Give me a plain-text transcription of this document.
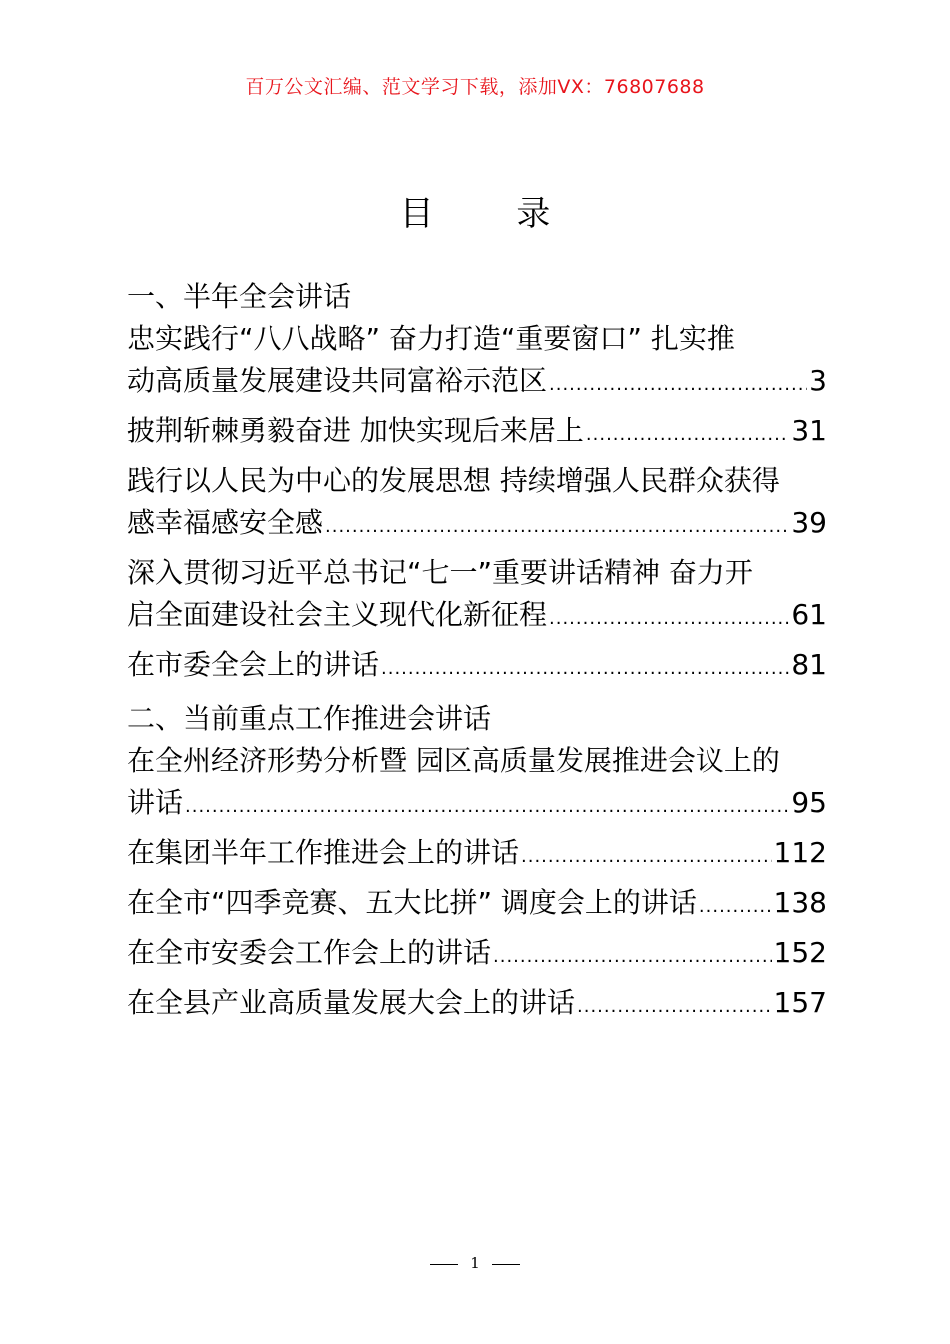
百万公文汇编、范文学习下载，添加VX：76807688
目 录
一、半年全会讲话
忠实践行“八八战略” 奋力打造“重要窗口” 扎实推
动高质量发展建设共同富裕示范区 .....	3
披荆斩棘勇毅奋进 加快实现后来居上 .....	31
践行以人民为中心的发展思想 持续增强人民群众获得
感幸福感安全感 .....	39
深入贯彻习近平总书记“七一”重要讲话精神 奋力开
启全面建设社会主义现代化新征程 .....	61
在市委全会上的讲话 .....	81
二、当前重点工作推进会讲话
在全州经济形势分析暨 园区高质量发展推进会议上的
讲话 .....	95
在集团半年工作推进会上的讲话 .....	112
在全市“四季竞赛、五大比拼” 调度会上的讲话 .....	138
在全市安委会工作会上的讲话 .....	152
在全县产业高质量发展大会上的讲话 .....	157
1
